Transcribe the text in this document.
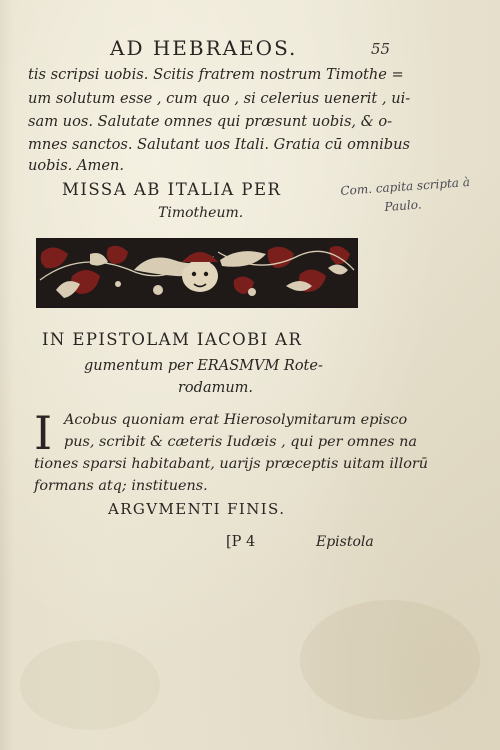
AD HEBRAEOS.	55
tis scripsi uobis. Scitis fratrem nostrum Timothe =
um solutum esse , cum quo , si celerius uenerit , ui-
sam uos. Salutate omnes qui præsunt uobis, & o-
mnes sanctos. Salutant uos Itali. Gratia cū omnibus
uobis. Amen.
MISSA AB ITALIA PER
Timotheum.
Com. capita scripta à
Paulo.
IN EPISTOLAM IACOBI AR
gumentum per ERASMVM Rote-
rodamum.
I Acobus quoniam erat Hierosolymitarum episco
pus, scribit & cæteris Iudæis , qui per omnes na
tiones sparsi habitabant, uarijs præceptis uitam illorū
formans atq; instituens.
ARGVMENTI FINIS.
[P 4	Epistola
